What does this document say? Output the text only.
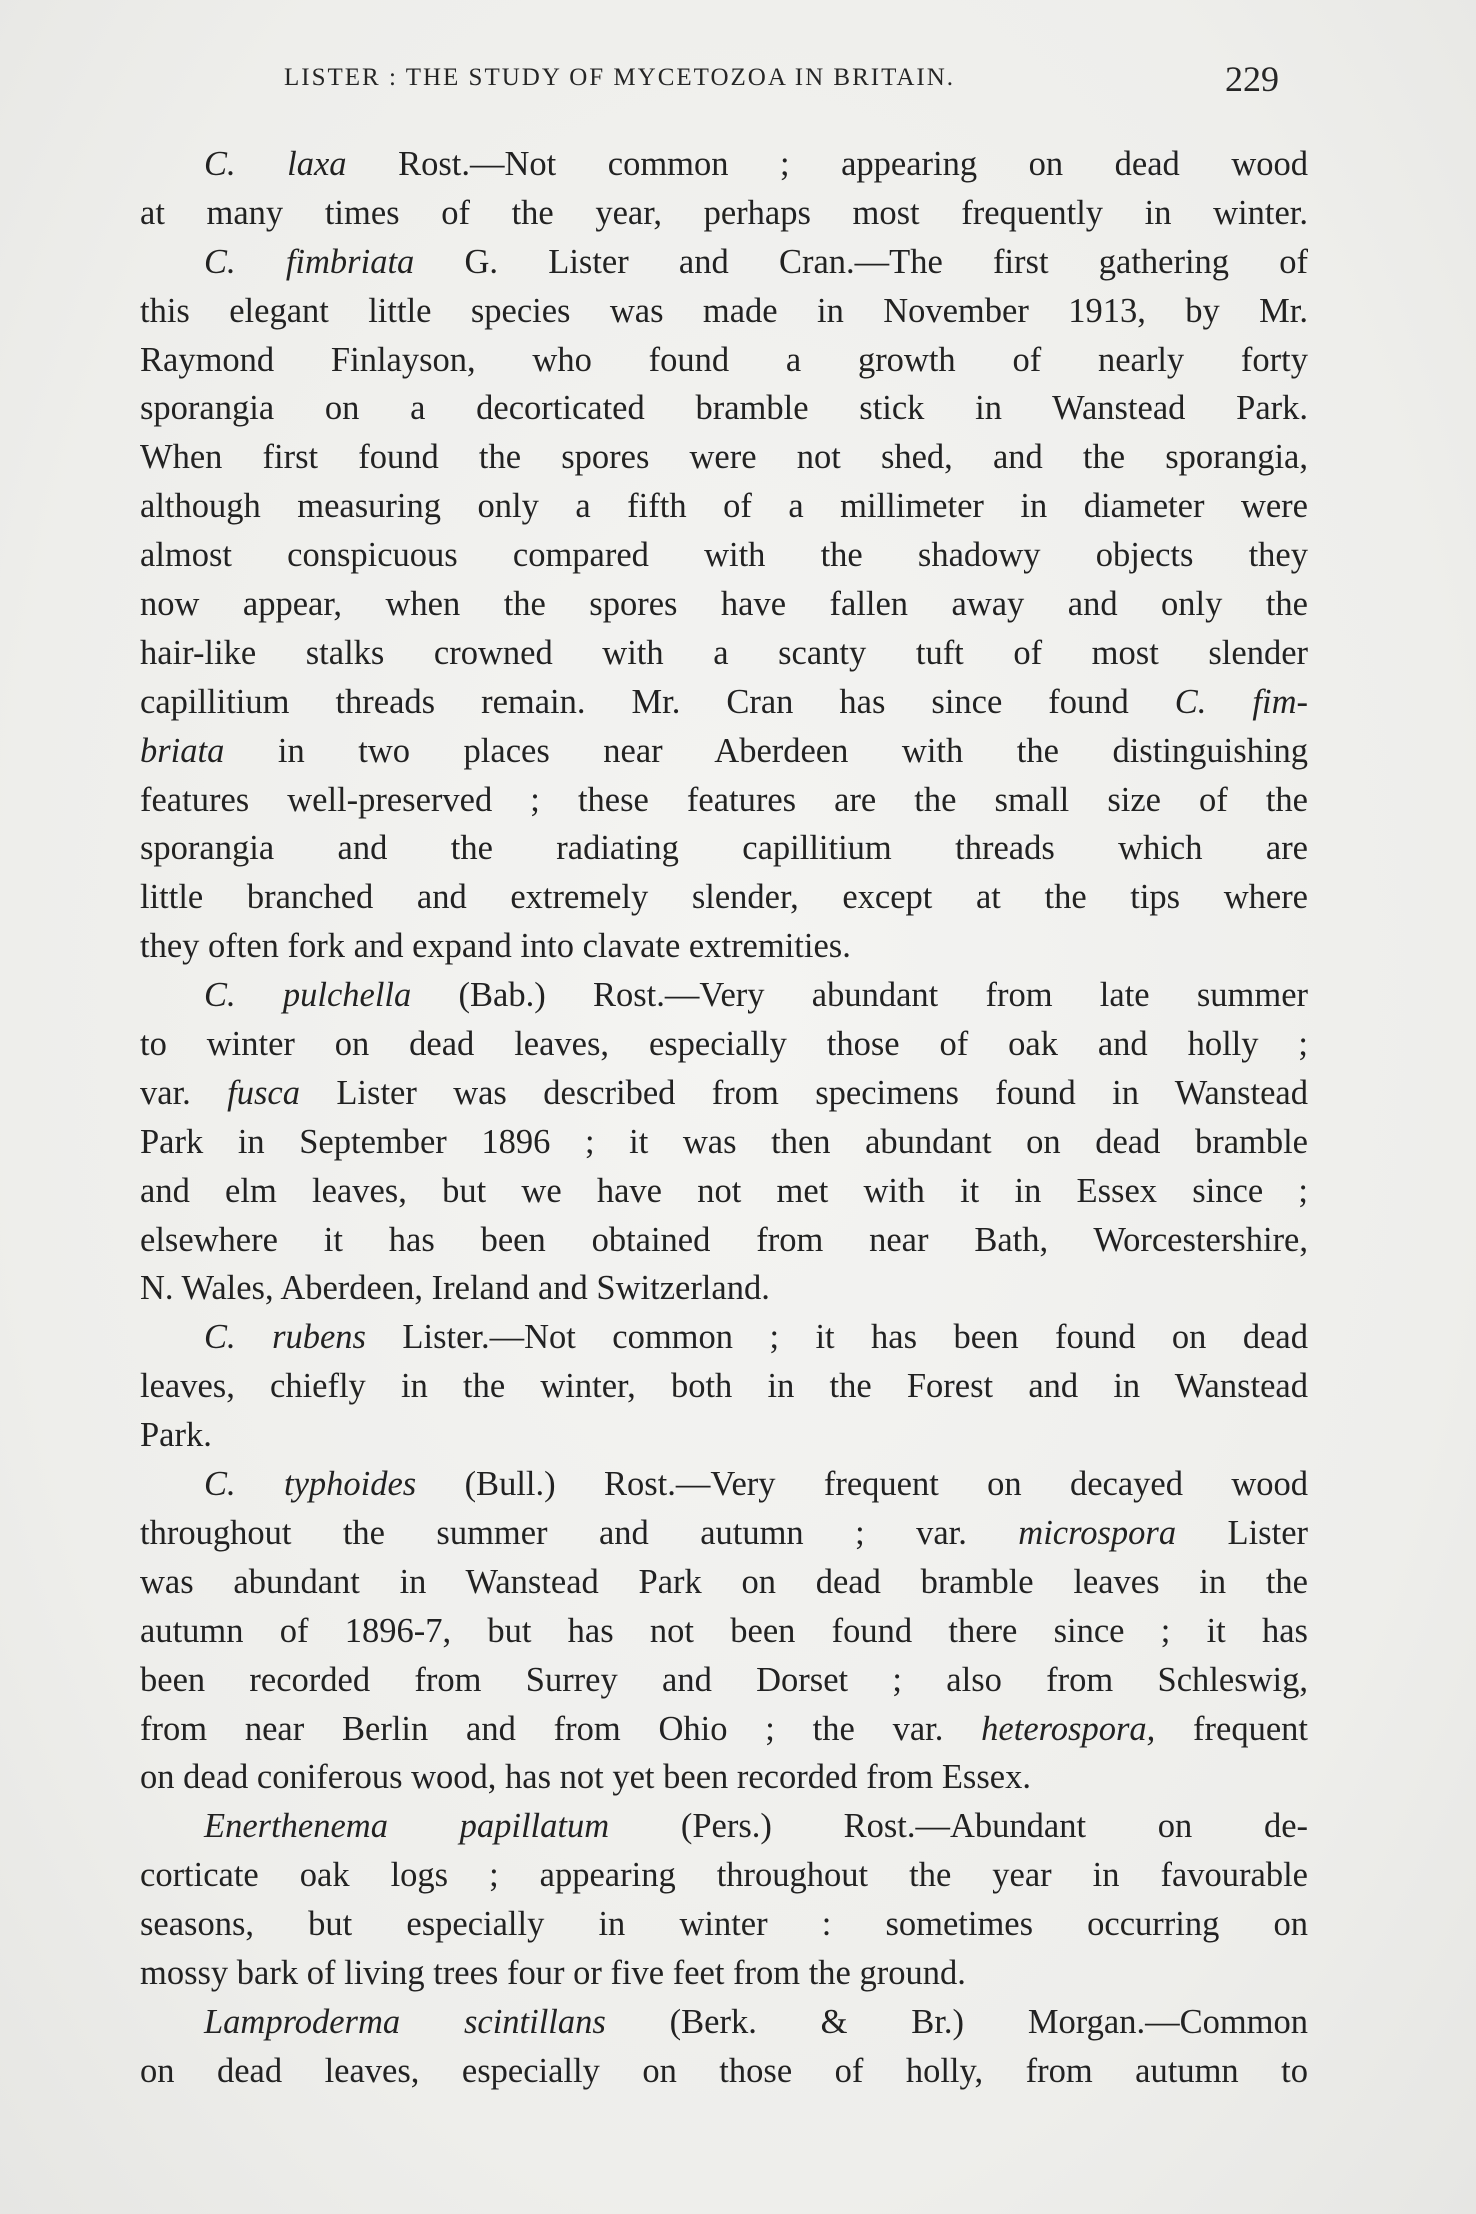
LISTER : THE STUDY OF MYCETOZOA IN BRITAIN.	229
C. laxa Rost.—Not common ; appearing on dead wood
at many times of the year, perhaps most frequently in winter.
C. fimbriata G. Lister and Cran.—The first gathering of
this elegant little species was made in November 1913, by Mr.
Raymond Finlayson, who found a growth of nearly forty
sporangia on a decorticated bramble stick in Wanstead Park.
When first found the spores were not shed, and the sporangia,
although measuring only a fifth of a millimeter in diameter were
almost conspicuous compared with the shadowy objects they
now appear, when the spores have fallen away and only the
hair-like stalks crowned with a scanty tuft of most slender
capillitium threads remain. Mr. Cran has since found C. fim-
briata in two places near Aberdeen with the distinguishing
features well-preserved ; these features are the small size of the
sporangia and the radiating capillitium threads which are
little branched and extremely slender, except at the tips where
they often fork and expand into clavate extremities.
C. pulchella (Bab.) Rost.—Very abundant from late summer
to winter on dead leaves, especially those of oak and holly ;
var. fusca Lister was described from specimens found in Wanstead
Park in September 1896 ; it was then abundant on dead bramble
and elm leaves, but we have not met with it in Essex since ;
elsewhere it has been obtained from near Bath, Worcestershire,
N. Wales, Aberdeen, Ireland and Switzerland.
C. rubens Lister.—Not common ; it has been found on dead
leaves, chiefly in the winter, both in the Forest and in Wanstead
Park.
C. typhoides (Bull.) Rost.—Very frequent on decayed wood
throughout the summer and autumn ; var. microspora Lister
was abundant in Wanstead Park on dead bramble leaves in the
autumn of 1896-7, but has not been found there since ; it has
been recorded from Surrey and Dorset ; also from Schleswig,
from near Berlin and from Ohio ; the var. heterospora, frequent
on dead coniferous wood, has not yet been recorded from Essex.
Enerthenema papillatum (Pers.) Rost.—Abundant on de-
corticate oak logs ; appearing throughout the year in favourable
seasons, but especially in winter : sometimes occurring on
mossy bark of living trees four or five feet from the ground.
Lamproderma scintillans (Berk. & Br.) Morgan.—Common
on dead leaves, especially on those of holly, from autumn to
